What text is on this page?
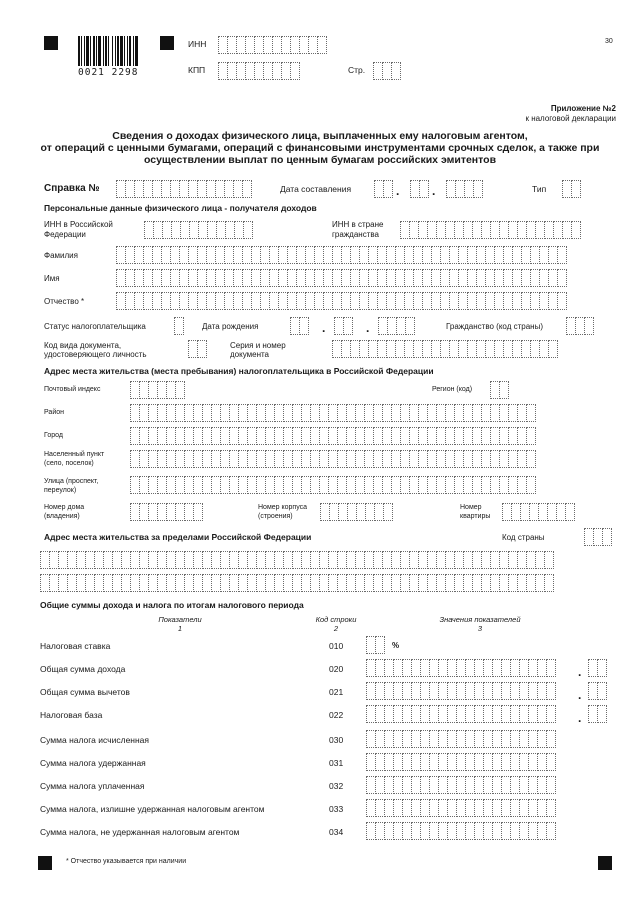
0021 2298
ИНН
КПП	Стр.
30
Приложение №2
к налоговой декларации
Сведения о доходах физического лица, выплаченных ему налоговым агентом,
от операций с ценными бумагами, операций с финансовыми инструментами срочных сделок, а также при
осуществлении выплат по ценным бумагам российских эмитентов
Справка №	Дата составления	.	.	Тип
Персональные данные физического лица - получателя доходов
ИНН в Российской
Федерации
ИНН в стране
гражданства
Фамилия
Имя
Отчество *
Статус налогоплательщика	Дата рождения	.	.	Гражданство (код страны)
Код вида документа,
удостоверяющего личность
Серия и номер
документа
Адрес места жительства (места пребывания) налогоплательщика в Российской Федерации
Почтовый индекс	Регион (код)
Район
Город
Населенный пункт
(село, поселок)
Улица (проспект,
переулок)
Номер дома
(владения)
Номер корпуса
(строения)
Номер
квартиры
Адрес места жительства за пределами Российской Федерации	Код страны
Общие суммы дохода и налога по итогам налогового периода
Показатели
1
Код строки
2
Значения показателей
3
Налоговая ставка	010	%
Общая сумма дохода	020	.
Общая сумма вычетов	021	.
Налоговая база	022	.
Сумма налога исчисленная	030
Сумма налога удержанная	031
Сумма налога уплаченная	032
Сумма налога, излишне удержанная налоговым агентом	033
Сумма налога, не удержанная налоговым агентом	034
* Отчество указывается при наличии
